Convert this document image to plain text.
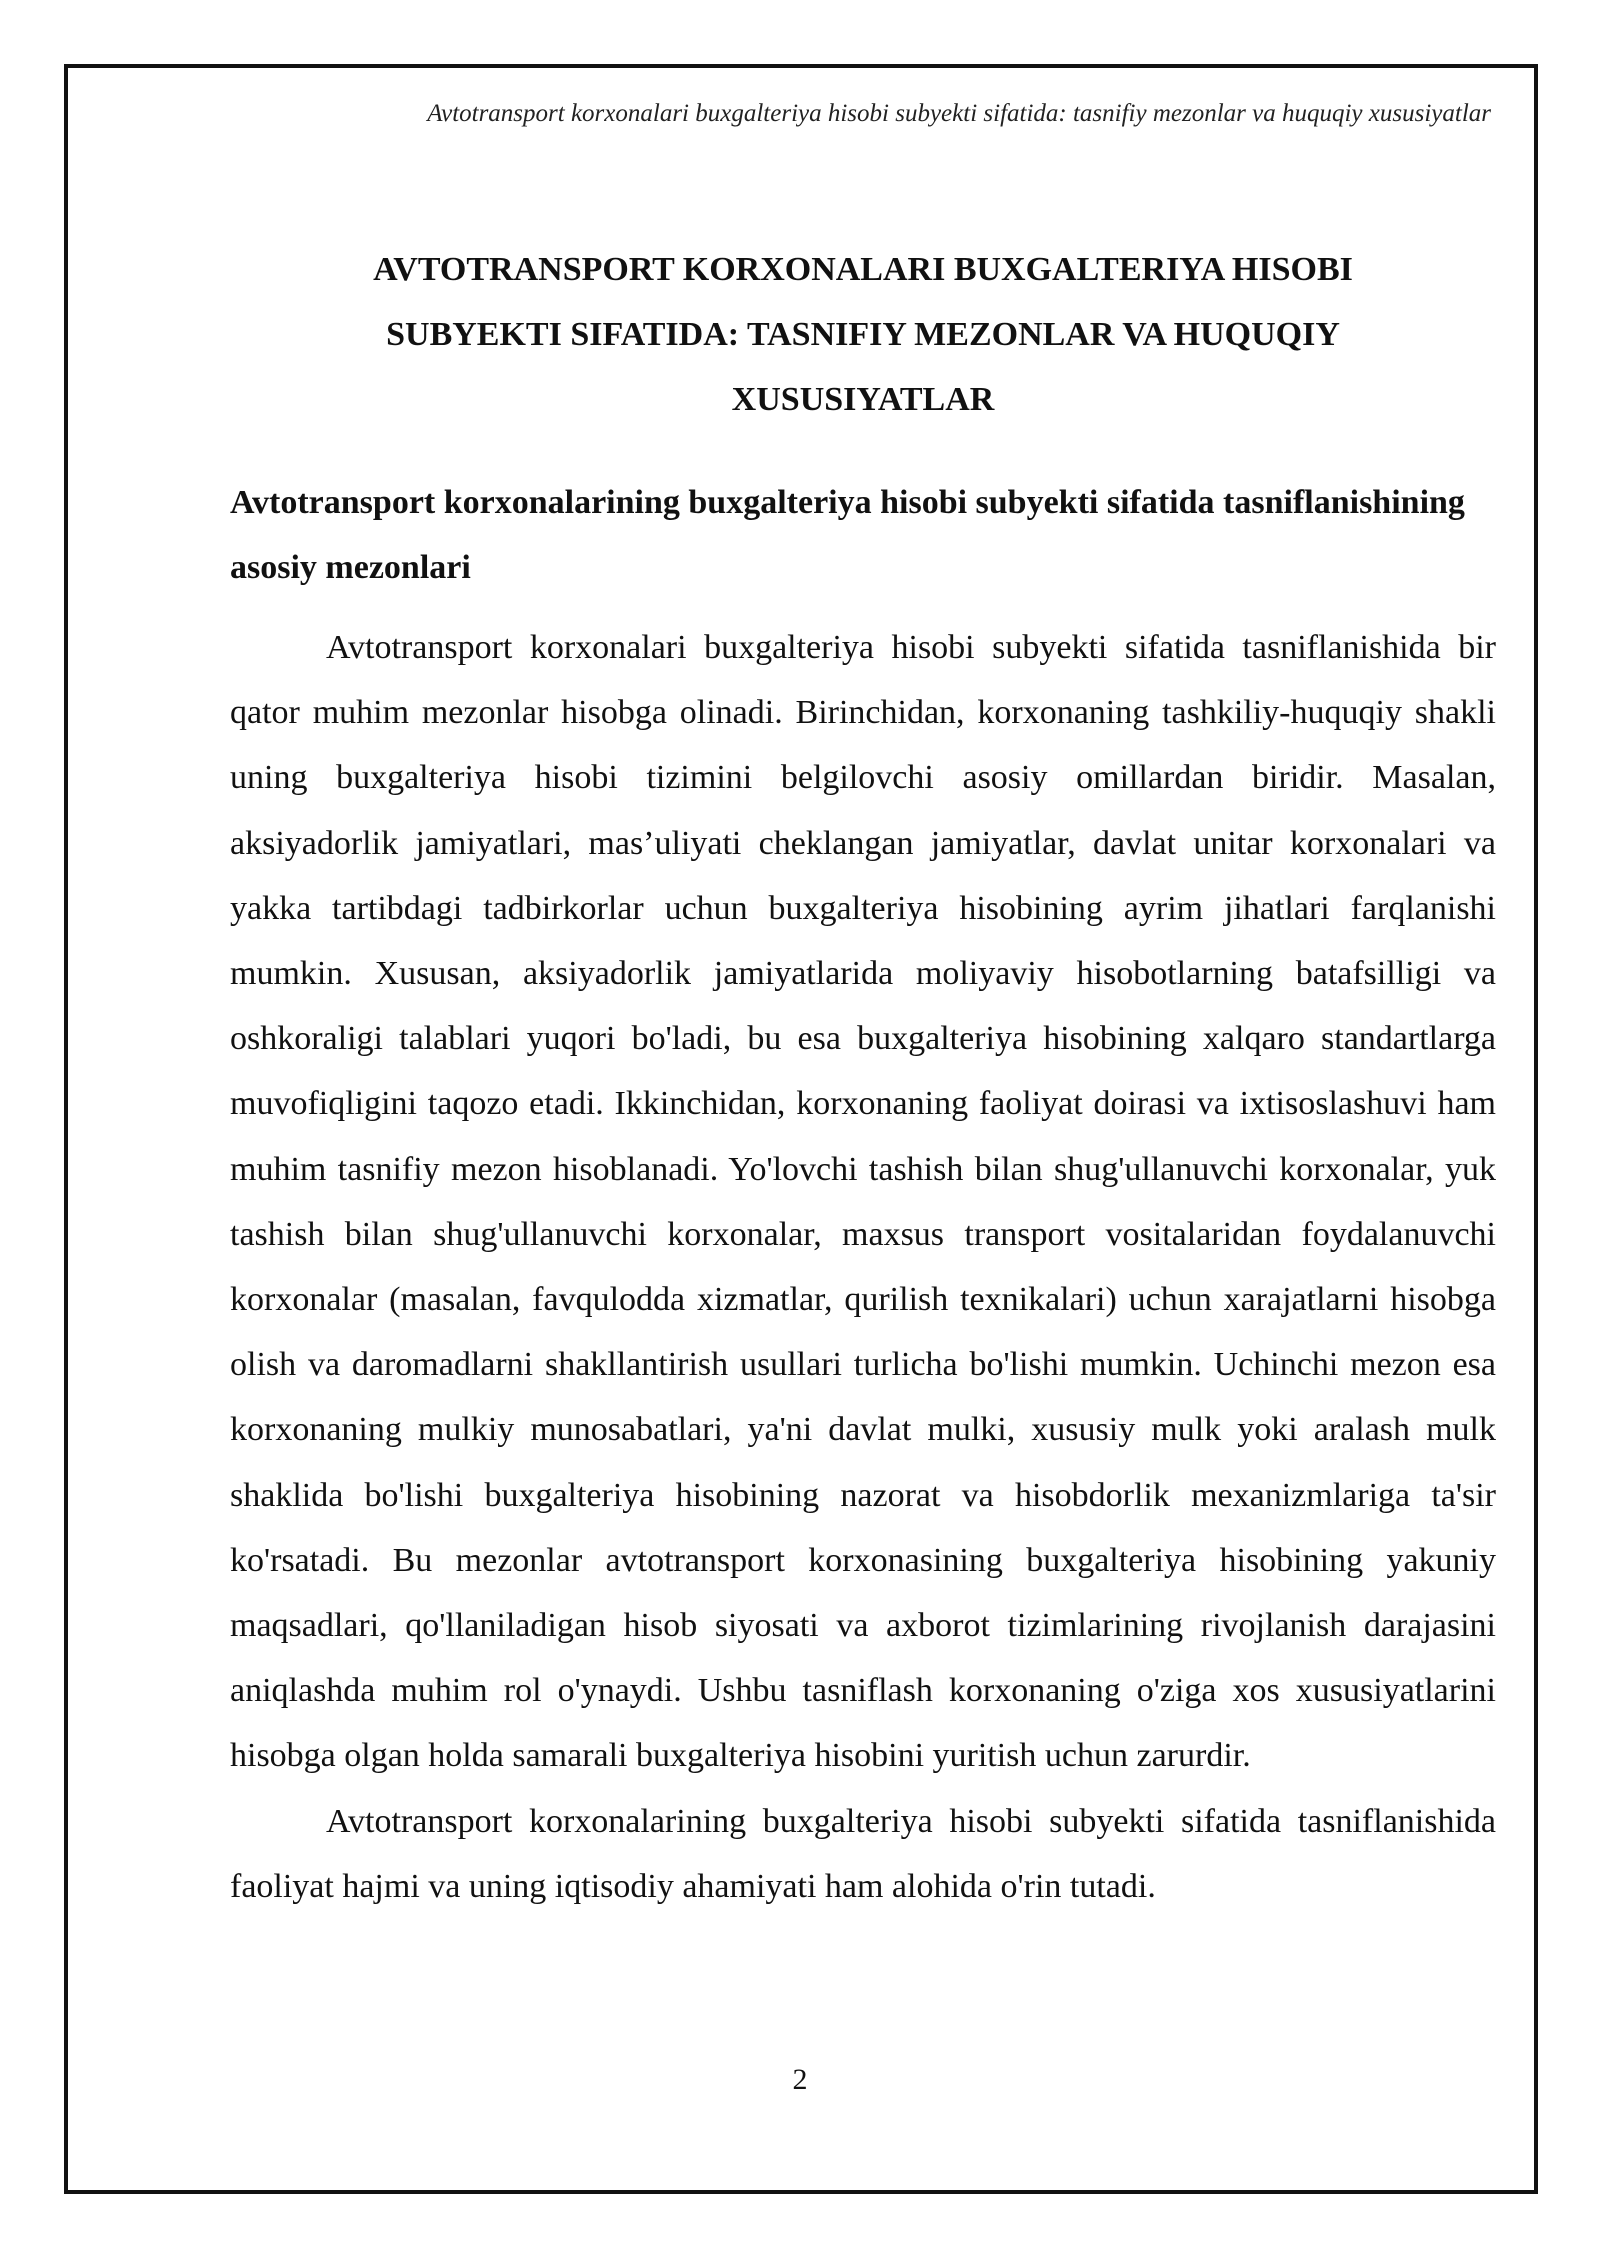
Avtotransport korxonalari buxgalteriya hisobi subyekti sifatida: tasnifiy mezonlar va huquqiy xususiyatlar
AVTOTRANSPORT KORXONALARI BUXGALTERIYA HISOBI
SUBYEKTI SIFATIDA: TASNIFIY MEZONLAR VA HUQUQIY
XUSUSIYATLAR
Avtotransport korxonalarining buxgalteriya hisobi subyekti sifatida tasniflanishining asosiy mezonlari

Avtotransport korxonalari buxgalteriya hisobi subyekti sifatida tasniflanishida bir qator muhim mezonlar hisobga olinadi. Birinchidan, korxonaning tashkiliy-huquqiy shakli uning buxgalteriya hisobi tizimini belgilovchi asosiy omillardan biridir. Masalan, aksiyadorlik jamiyatlari, mas’uliyati cheklangan jamiyatlar, davlat unitar korxonalari va yakka tartibdagi tadbirkorlar uchun buxgalteriya hisobining ayrim jihatlari farqlanishi mumkin. Xususan, aksiyadorlik jamiyatlarida moliyaviy hisobotlarning batafsilligi va oshkoraligi talablari yuqori bo'ladi, bu esa buxgalteriya hisobining xalqaro standartlarga muvofiqligini taqozo etadi. Ikkinchidan, korxonaning faoliyat doirasi va ixtisoslashuvi ham muhim tasnifiy mezon hisoblanadi. Yo'lovchi tashish bilan shug'ullanuvchi korxonalar, yuk tashish bilan shug'ullanuvchi korxonalar, maxsus transport vositalaridan foydalanuvchi korxonalar (masalan, favqulodda xizmatlar, qurilish texnikalari) uchun xarajatlarni hisobga olish va daromadlarni shakllantirish usullari turlicha bo'lishi mumkin. Uchinchi mezon esa korxonaning mulkiy munosabatlari, ya'ni davlat mulki, xususiy mulk yoki aralash mulk shaklida bo'lishi buxgalteriya hisobining nazorat va hisobdorlik mexanizmlariga ta'sir ko'rsatadi. Bu mezonlar avtotransport korxonasining buxgalteriya hisobining yakuniy maqsadlari, qo'llaniladigan hisob siyosati va axborot tizimlarining rivojlanish darajasini aniqlashda muhim rol o'ynaydi. Ushbu tasniflash korxonaning o'ziga xos xususiyatlarini hisobga olgan holda samarali buxgalteriya hisobini yuritish uchun zarurdir.

Avtotransport korxonalarining buxgalteriya hisobi subyekti sifatida tasniflanishida faoliyat hajmi va uning iqtisodiy ahamiyati ham alohida o'rin tutadi.

2
